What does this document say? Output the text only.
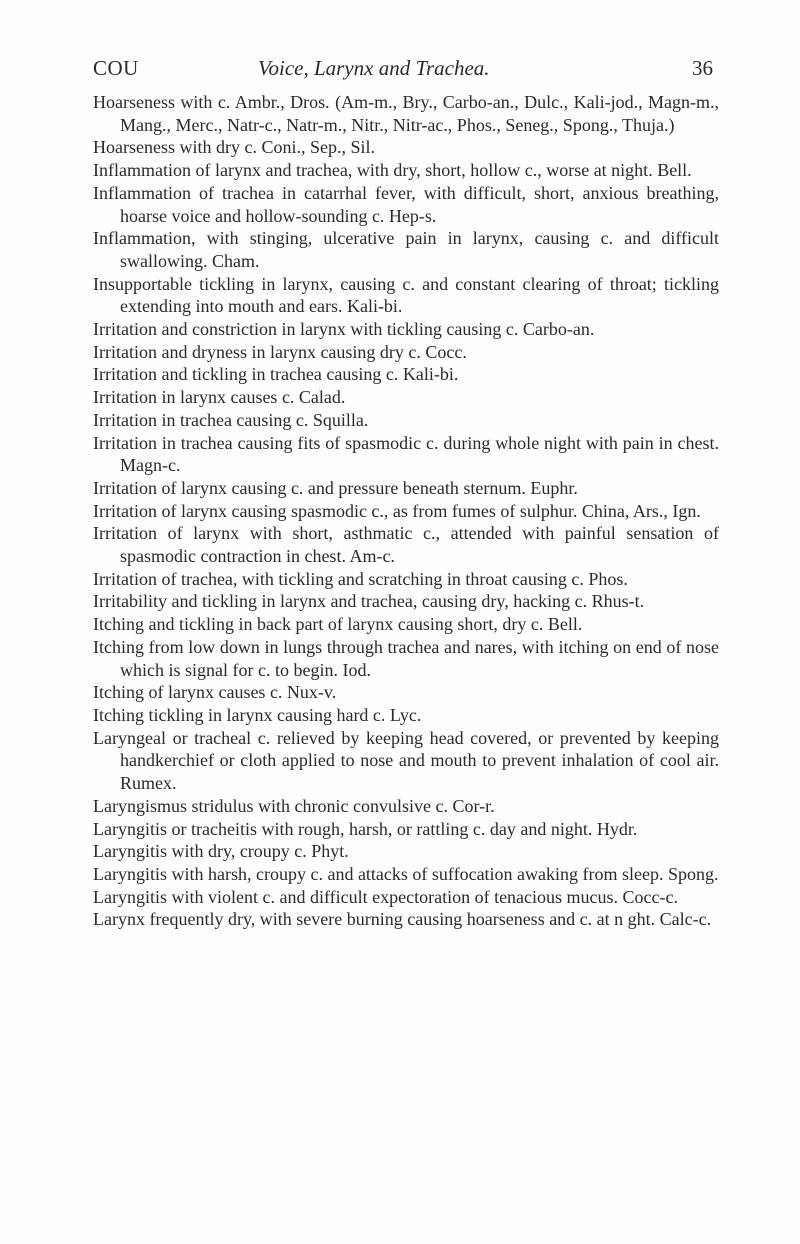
COU	Voice, Larynx and Trachea.	36
Hoarseness with c. Ambr., Dros. (Am-m., Bry., Carbo-an., Dulc., Kali-jod., Magn-m., Mang., Merc., Natr-c., Natr-m., Nitr., Nitr-ac., Phos., Seneg., Spong., Thuja.)
Hoarseness with dry c. Coni., Sep., Sil.
Inflammation of larynx and trachea, with dry, short, hollow c., worse at night. Bell.
Inflammation of trachea in catarrhal fever, with difficult, short, anxious breathing, hoarse voice and hollow-sounding c. Hep-s.
Inflammation, with stinging, ulcerative pain in larynx, causing c. and difficult swallowing. Cham.
Insupportable tickling in larynx, causing c. and constant clearing of throat; tickling extending into mouth and ears. Kali-bi.
Irritation and constriction in larynx with tickling causing c. Carbo-an.
Irritation and dryness in larynx causing dry c. Cocc.
Irritation and tickling in trachea causing c. Kali-bi.
Irritation in larynx causes c. Calad.
Irritation in trachea causing c. Squilla.
Irritation in trachea causing fits of spasmodic c. during whole night with pain in chest. Magn-c.
Irritation of larynx causing c. and pressure beneath sternum. Euphr.
Irritation of larynx causing spasmodic c., as from fumes of sulphur. China, Ars., Ign.
Irritation of larynx with short, asthmatic c., attended with painful sensation of spasmodic contraction in chest. Am-c.
Irritation of trachea, with tickling and scratching in throat causing c. Phos.
Irritability and tickling in larynx and trachea, causing dry, hacking c. Rhus-t.
Itching and tickling in back part of larynx causing short, dry c. Bell.
Itching from low down in lungs through trachea and nares, with itching on end of nose which is signal for c. to begin. Iod.
Itching of larynx causes c. Nux-v.
Itching tickling in larynx causing hard c. Lyc.
Laryngeal or tracheal c. relieved by keeping head covered, or prevented by keeping handkerchief or cloth applied to nose and mouth to prevent inhalation of cool air. Rumex.
Laryngismus stridulus with chronic convulsive c. Cor-r.
Laryngitis or tracheitis with rough, harsh, or rattling c. day and night. Hydr.
Laryngitis with dry, croupy c. Phyt.
Laryngitis with harsh, croupy c. and attacks of suffocation awaking from sleep. Spong.
Laryngitis with violent c. and difficult expectoration of tenacious mucus. Cocc-c.
Larynx frequently dry, with severe burning causing hoarseness and c. at n ght. Calc-c.
